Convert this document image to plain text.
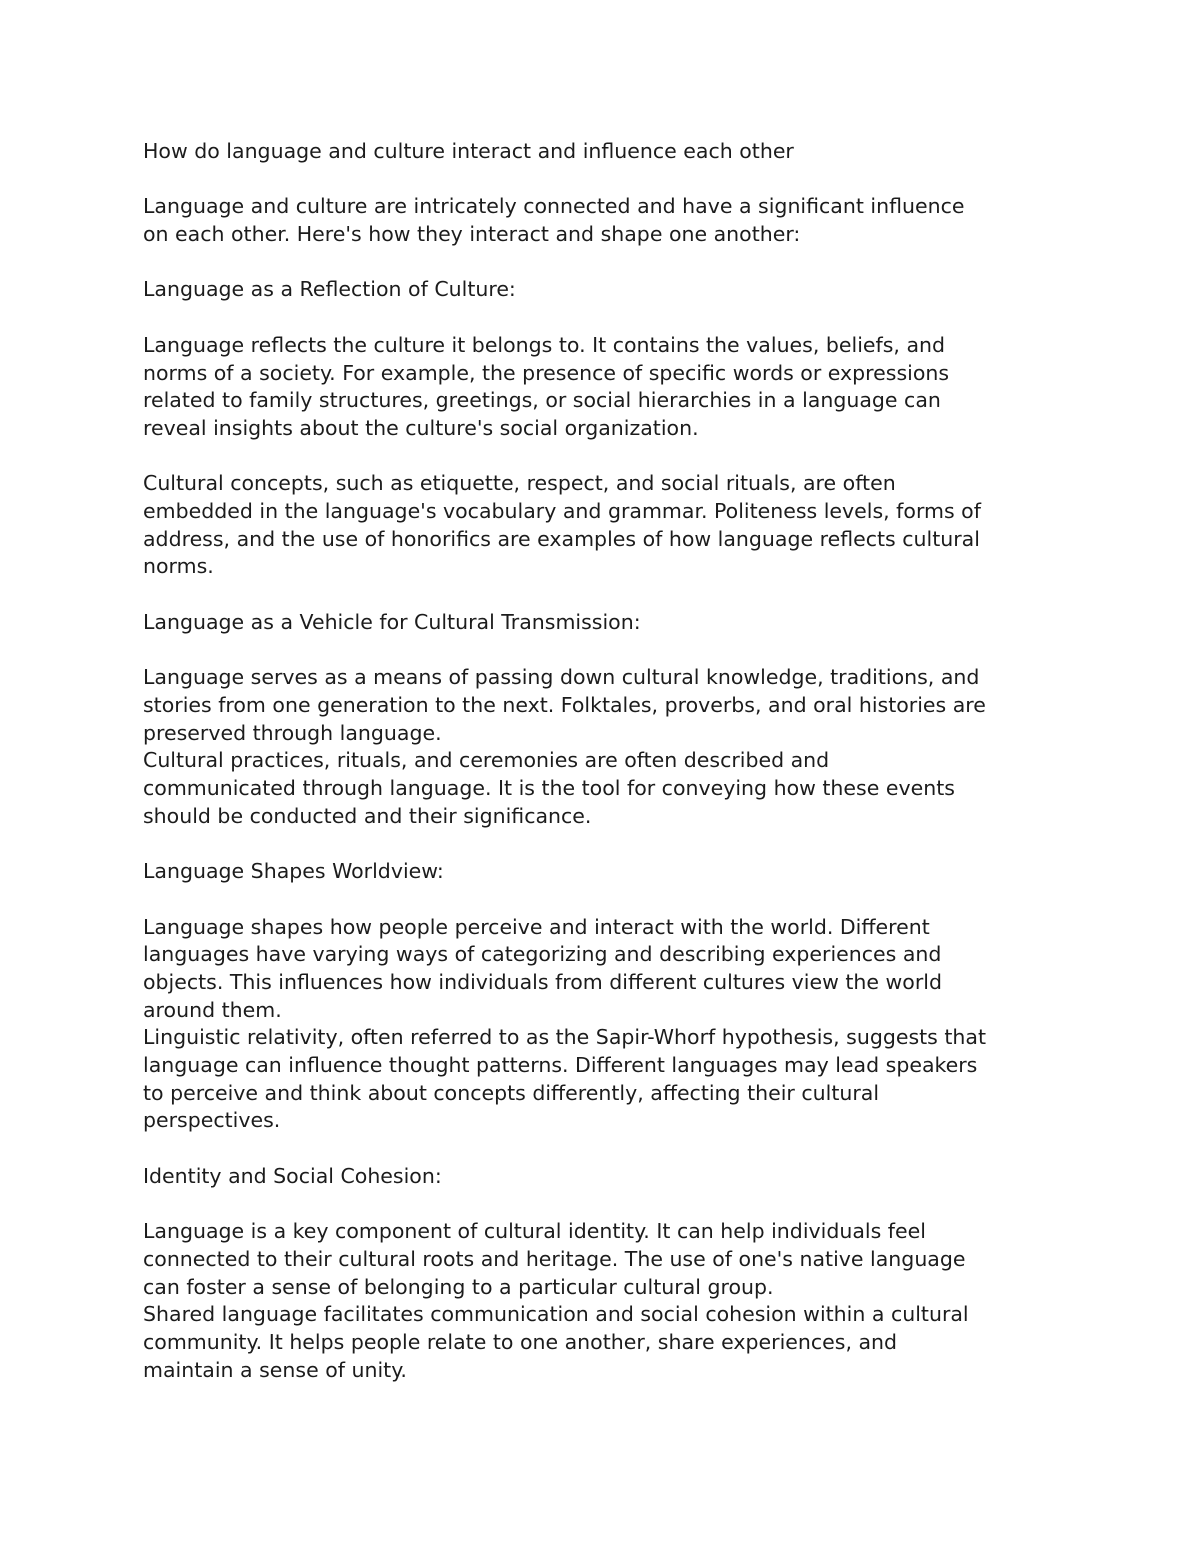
How do language and culture interact and influence each other

Language and culture are intricately connected and have a significant influence
on each other. Here's how they interact and shape one another:

Language as a Reflection of Culture:

Language reflects the culture it belongs to. It contains the values, beliefs, and
norms of a society. For example, the presence of specific words or expressions
related to family structures, greetings, or social hierarchies in a language can
reveal insights about the culture's social organization.

Cultural concepts, such as etiquette, respect, and social rituals, are often
embedded in the language's vocabulary and grammar. Politeness levels, forms of
address, and the use of honorifics are examples of how language reflects cultural
norms.

Language as a Vehicle for Cultural Transmission:

Language serves as a means of passing down cultural knowledge, traditions, and
stories from one generation to the next. Folktales, proverbs, and oral histories are
preserved through language.
Cultural practices, rituals, and ceremonies are often described and
communicated through language. It is the tool for conveying how these events
should be conducted and their significance.

Language Shapes Worldview:

Language shapes how people perceive and interact with the world. Different
languages have varying ways of categorizing and describing experiences and
objects. This influences how individuals from different cultures view the world
around them.
Linguistic relativity, often referred to as the Sapir-Whorf hypothesis, suggests that
language can influence thought patterns. Different languages may lead speakers
to perceive and think about concepts differently, affecting their cultural
perspectives.

Identity and Social Cohesion:

Language is a key component of cultural identity. It can help individuals feel
connected to their cultural roots and heritage. The use of one's native language
can foster a sense of belonging to a particular cultural group.
Shared language facilitates communication and social cohesion within a cultural
community. It helps people relate to one another, share experiences, and
maintain a sense of unity.
